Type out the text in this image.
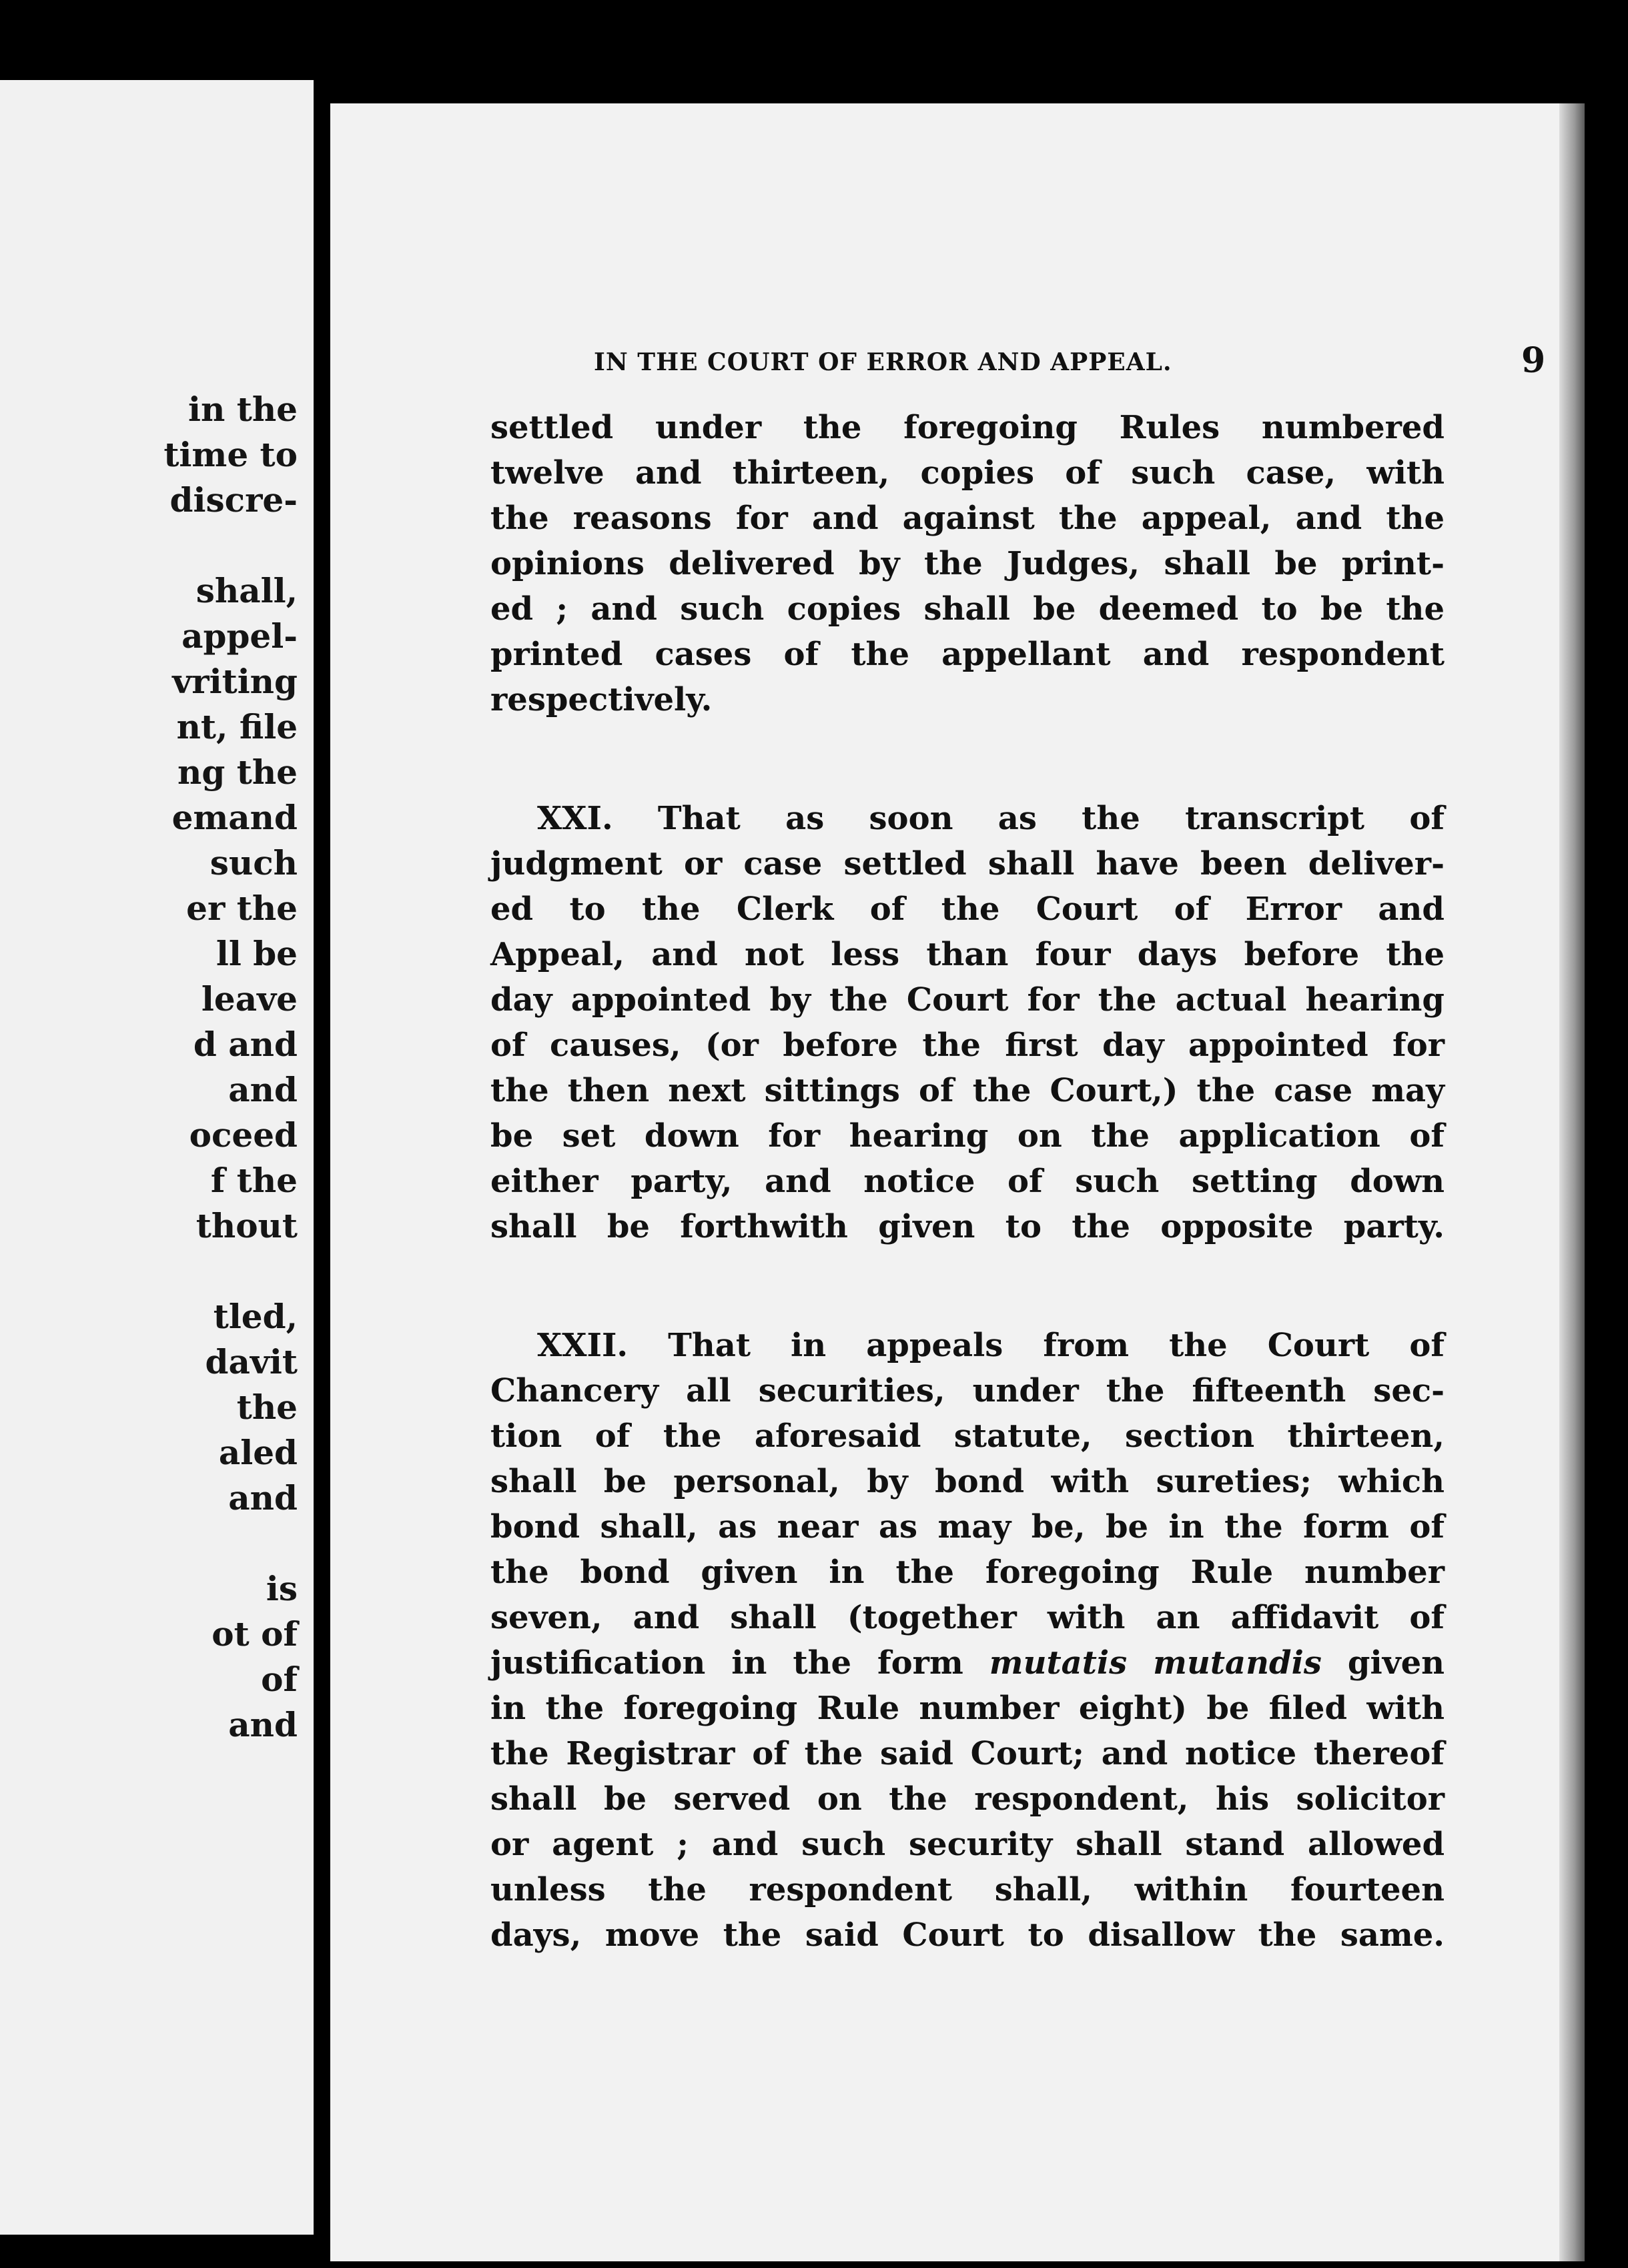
in the
time to
discre-
shall,
appel-
vriting
nt, file
ng the
emand
such
er the
ll be
leave
d and
and
oceed
f the
thout
tled,
davit
the
aled
and
is
ot of
of
and
IN THE COURT OF ERROR AND APPEAL.	9
settled under the foregoing Rules numbered
twelve and thirteen, copies of such case, with
the reasons for and against the appeal, and the
opinions delivered by the Judges, shall be print-
ed ; and such copies shall be deemed to be the
printed cases of the appellant and respondent
respectively.
XXI. That as soon as the transcript of
judgment or case settled shall have been deliver-
ed to the Clerk of the Court of Error and
Appeal, and not less than four days before the
day appointed by the Court for the actual hearing
of causes, (or before the first day appointed for
the then next sittings of the Court,) the case may
be set down for hearing on the application of
either party, and notice of such setting down
shall be forthwith given to the opposite party.
XXII. That in appeals from the Court of
Chancery all securities, under the fifteenth sec-
tion of the aforesaid statute, section thirteen,
shall be personal, by bond with sureties; which
bond shall, as near as may be, be in the form of
the bond given in the foregoing Rule number
seven, and shall (together with an affidavit of
justification in the form mutatis mutandis given
in the foregoing Rule number eight) be filed with
the Registrar of the said Court; and notice thereof
shall be served on the respondent, his solicitor
or agent ; and such security shall stand allowed
unless the respondent shall, within fourteen
days, move the said Court to disallow the same.
